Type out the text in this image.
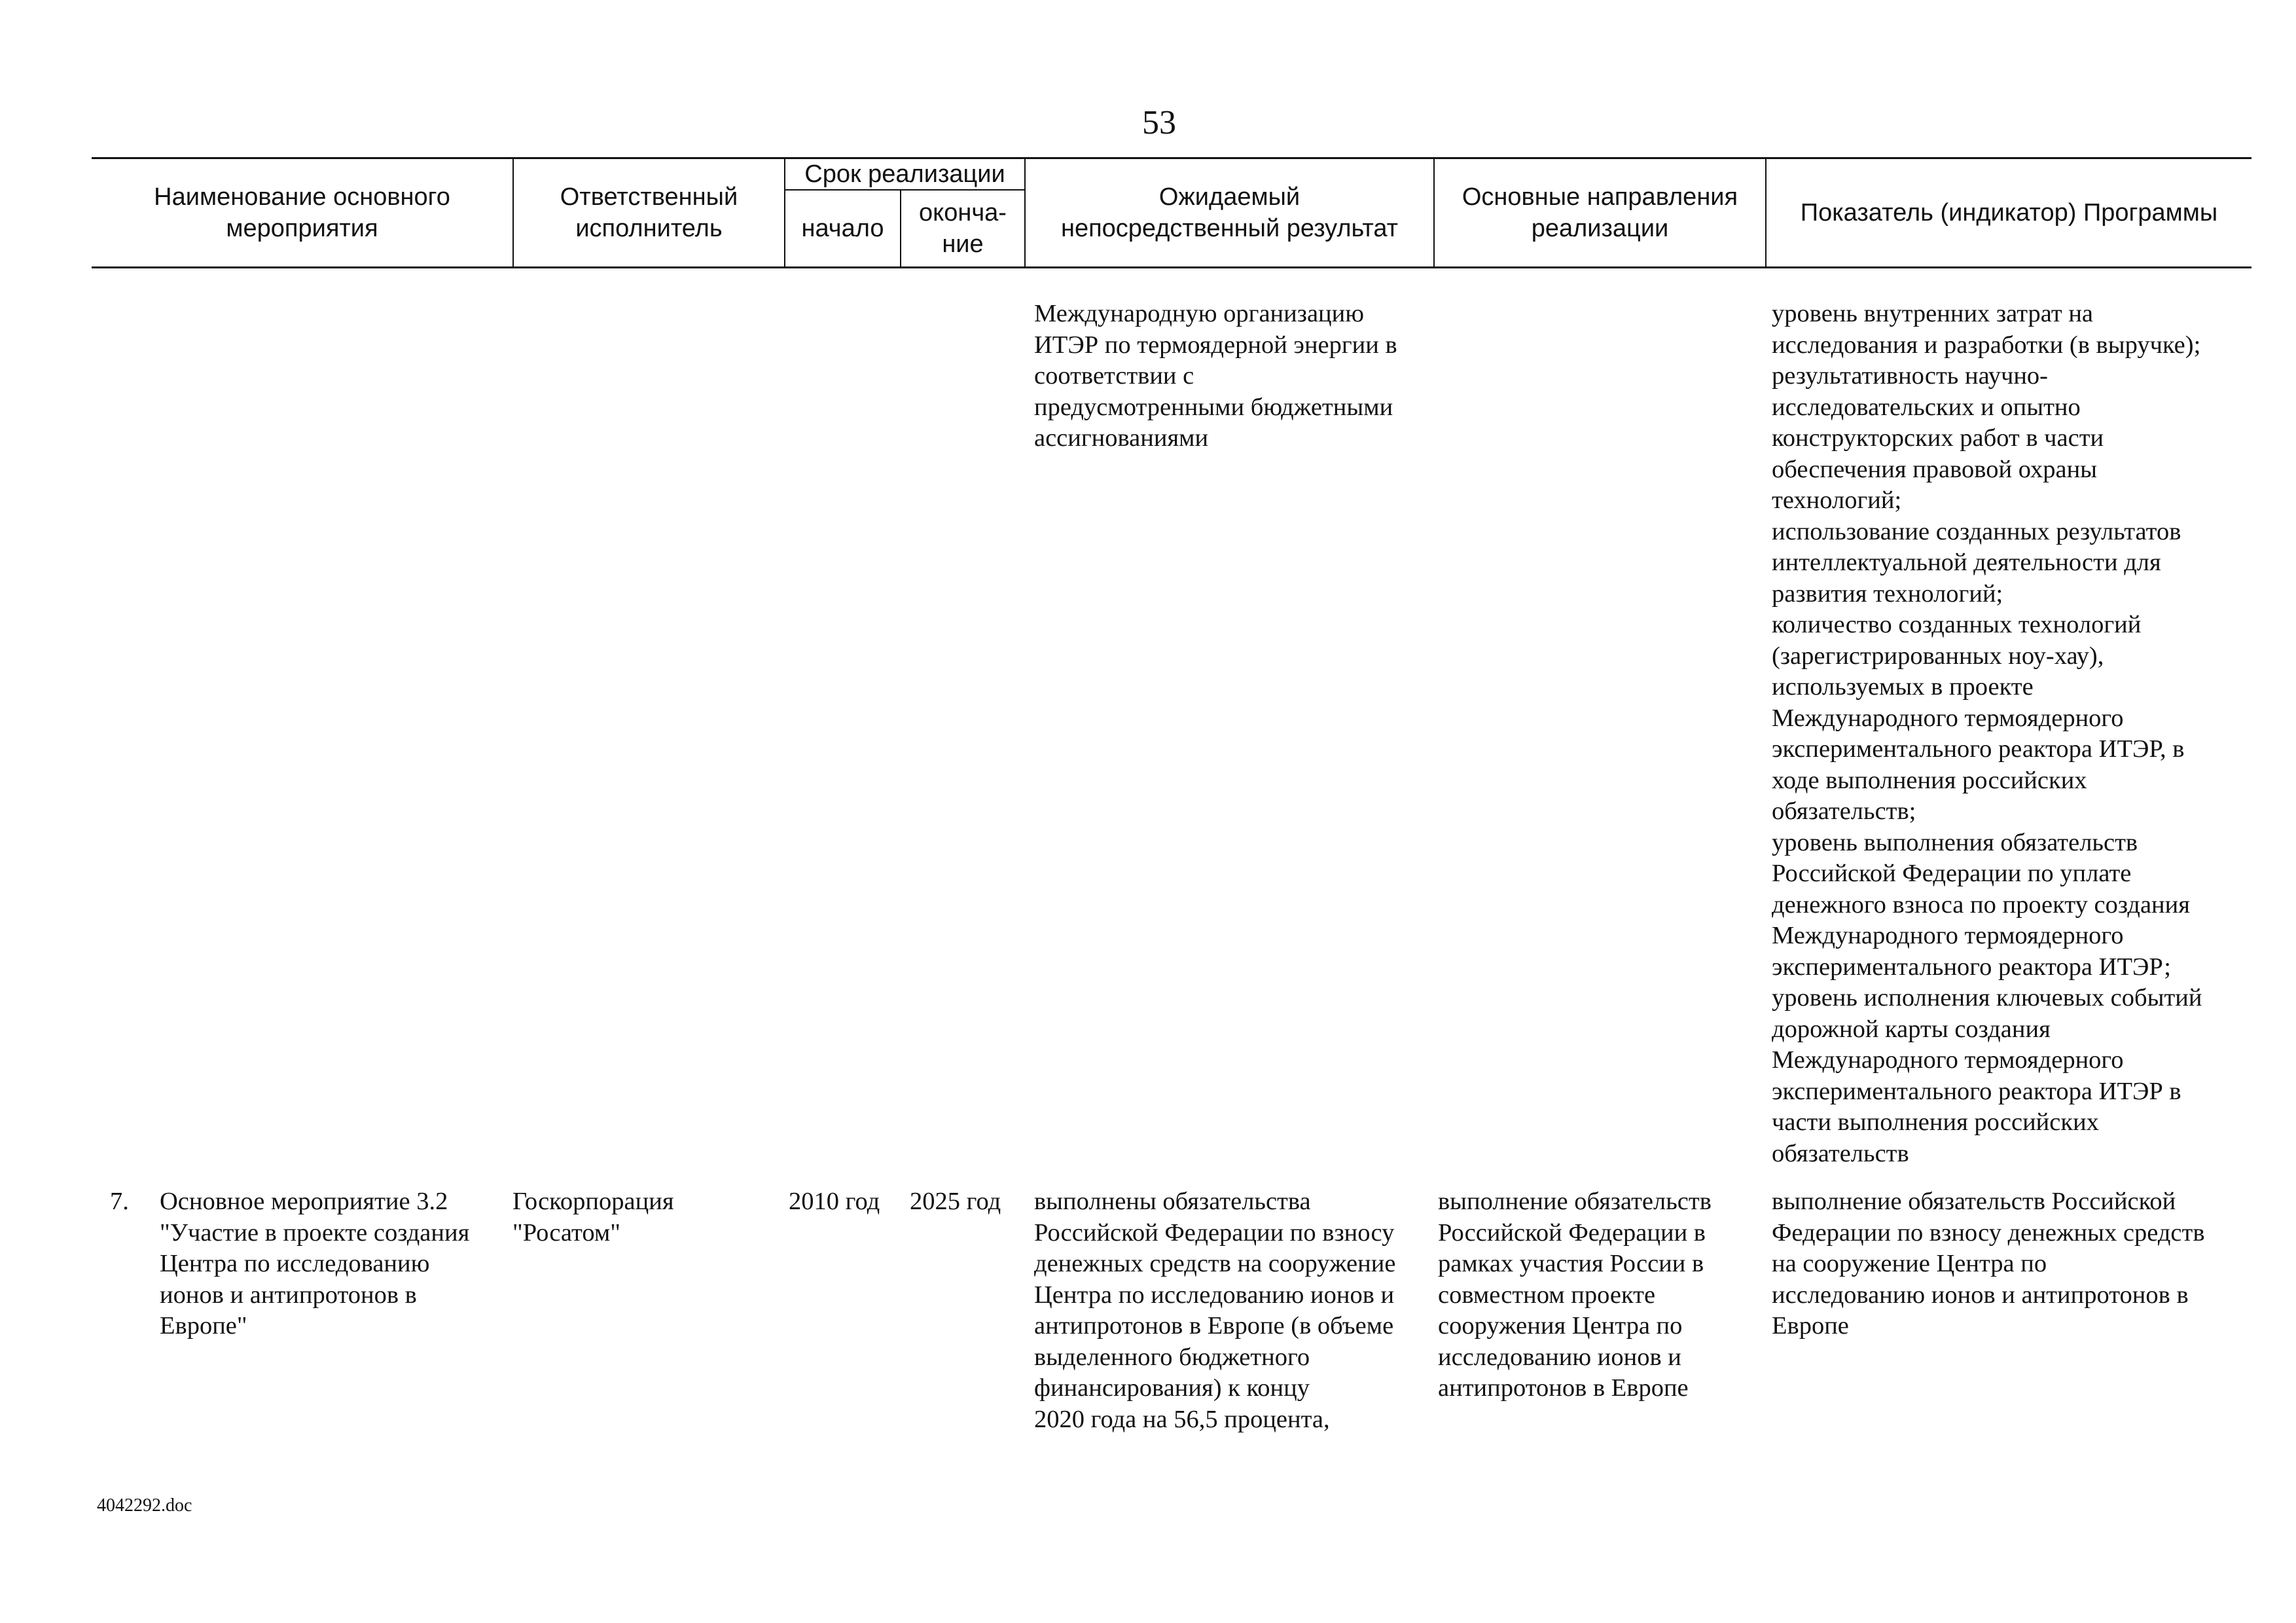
53
Наименование основного
мероприятия
Ответственный
исполнитель
Срок реализации
начало
оконча-
ние
Ожидаемый
непосредственный результат
Основные направления
реализации
Показатель (индикатор) Программы
Международную организацию
ИТЭР по термоядерной энергии в
соответствии с
предусмотренными бюджетными
ассигнованиями
уровень внутренних затрат на
исследования и разработки (в выручке);
результативность научно-
исследовательских и опытно
конструкторских работ в части
обеспечения правовой охраны
технологий;
использование созданных результатов
интеллектуальной деятельности для
развития технологий;
количество созданных технологий
(зарегистрированных ноу-хау),
используемых в проекте
Международного термоядерного
экспериментального реактора ИТЭР, в
ходе выполнения российских
обязательств;
уровень выполнения обязательств
Российской Федерации по уплате
денежного взноса по проекту создания
Международного термоядерного
экспериментального реактора ИТЭР;
уровень исполнения ключевых событий
дорожной карты создания
Международного термоядерного
экспериментального реактора ИТЭР в
части выполнения российских
обязательств
7. Основное мероприятие 3.2
"Участие в проекте создания
Центра по исследованию
ионов и антипротонов в
Европе"
Госкорпорация
"Росатом"
2010 год 2025 год выполнены обязательства
Российской Федерации по взносу
денежных средств на сооружение
Центра по исследованию ионов и
антипротонов в Европе (в объеме
выделенного бюджетного
финансирования) к концу
2020 года на 56,5 процента,
выполнение обязательств
Российской Федерации в
рамках участия России в
совместном проекте
сооружения Центра по
исследованию ионов и
антипротонов в Европе
выполнение обязательств Российской
Федерации по взносу денежных средств
на сооружение Центра по
исследованию ионов и антипротонов в
Европе
4042292.doc
